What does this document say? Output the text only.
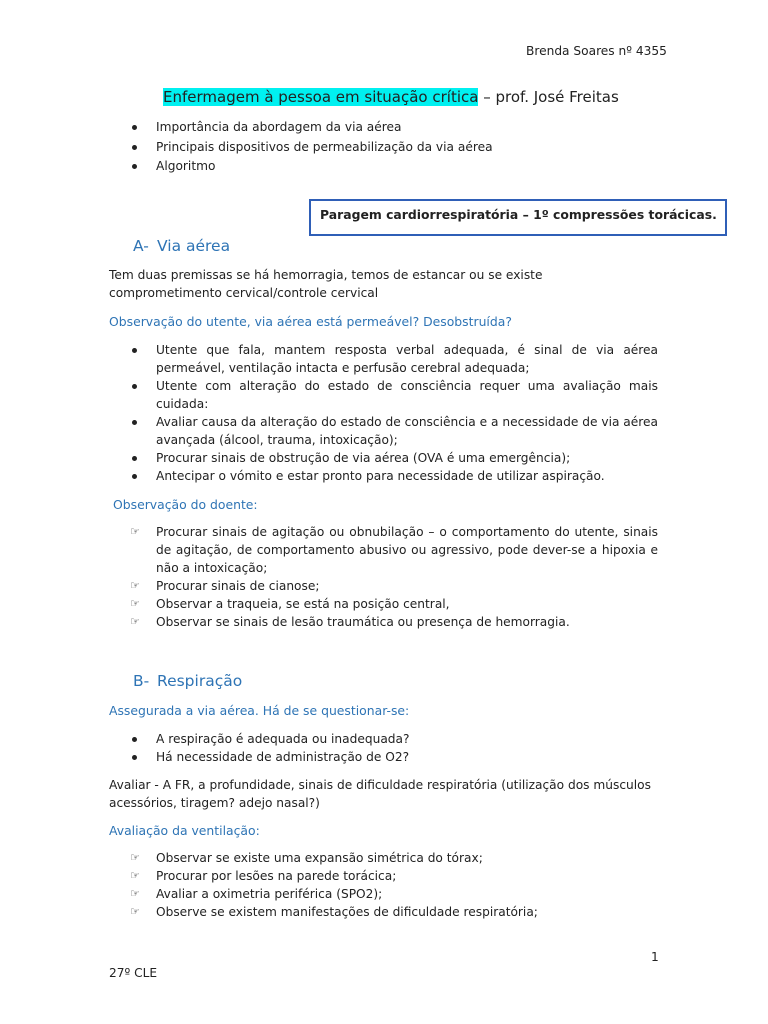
Brenda Soares nº 4355
Enfermagem à pessoa em situação crítica – prof. José Freitas
Importância da abordagem da via aérea
Principais dispositivos de permeabilização da via aérea
Algoritmo
Paragem cardiorrespiratória – 1º compressões torácicas.
A- Via aérea
Tem duas premissas se há hemorragia, temos de estancar ou se existe comprometimento cervical/controle cervical
Observação do utente, via aérea está permeável? Desobstruída?
Utente que fala, mantem resposta verbal adequada, é sinal de via aérea permeável, ventilação intacta e perfusão cerebral adequada;
Utente com alteração do estado de consciência requer uma avaliação mais cuidada:
Avaliar causa da alteração do estado de consciência e a necessidade de via aérea avançada (álcool, trauma, intoxicação);
Procurar sinais de obstrução de via aérea (OVA é uma emergência);
Antecipar o vómito e estar pronto para necessidade de utilizar aspiração.
Observação do doente:
☞	Procurar sinais de agitação ou obnubilação – o comportamento do utente, sinais de agitação, de comportamento abusivo ou agressivo, pode dever-se a hipoxia e não a intoxicação;
☞	Procurar sinais de cianose;
☞	Observar a traqueia, se está na posição central,
☞	Observar se sinais de lesão traumática ou presença de hemorragia.
B- Respiração
Assegurada a via aérea. Há de se questionar-se:
A respiração é adequada ou inadequada?
Há necessidade de administração de O2?
Avaliar - A FR, a profundidade, sinais de dificuldade respiratória (utilização dos músculos acessórios, tiragem? adejo nasal?)
Avaliação da ventilação:
☞	Observar se existe uma expansão simétrica do tórax;
☞	Procurar por lesões na parede torácica;
☞	Avaliar a oximetria periférica (SPO2);
☞	Observe se existem manifestações de dificuldade respiratória;
1
27º CLE
